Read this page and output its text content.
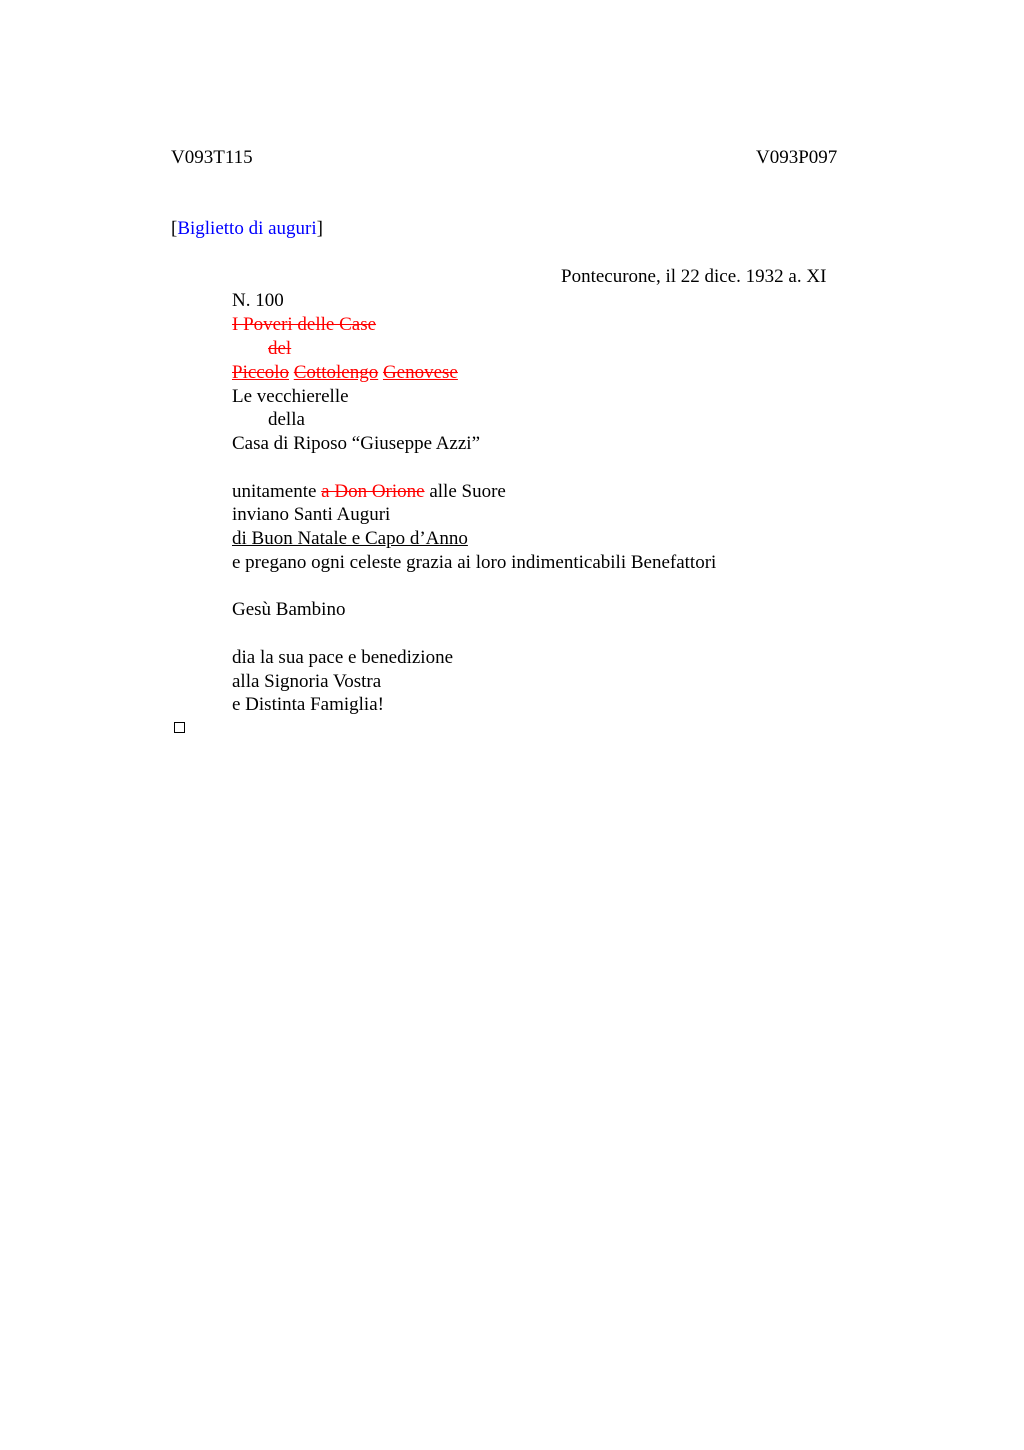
V093T115	V093P097
[Biglietto di auguri]
Pontecurone, il 22 dice. 1932 a. XI
N. 100
I Poveri delle Case
del
Piccolo Cottolengo Genovese
Le vecchierelle
della
Casa di Riposo “Giuseppe Azzi”
unitamente a Don Orione alle Suore
inviano Santi Auguri
di Buon Natale e Capo d’Anno
e pregano ogni celeste grazia ai loro indimenticabili Benefattori
Gesù Bambino
dia la sua pace e benedizione
alla Signoria Vostra
e Distinta Famiglia!
